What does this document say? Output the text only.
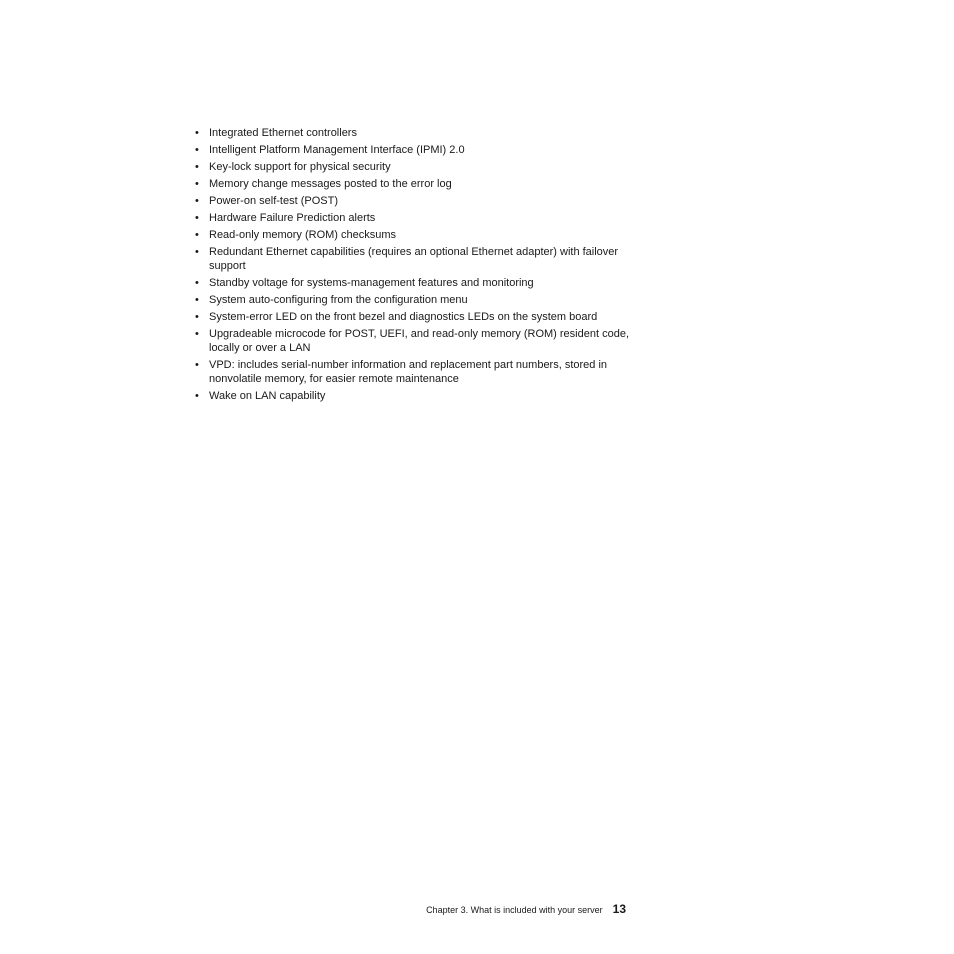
• Integrated Ethernet controllers
• Intelligent Platform Management Interface (IPMI) 2.0
• Key-lock support for physical security
• Memory change messages posted to the error log
• Power-on self-test (POST)
• Hardware Failure Prediction alerts
• Read-only memory (ROM) checksums
• Redundant Ethernet capabilities (requires an optional Ethernet adapter) with failover support
• Standby voltage for systems-management features and monitoring
• System auto-configuring from the configuration menu
• System-error LED on the front bezel and diagnostics LEDs on the system board
• Upgradeable microcode for POST, UEFI, and read-only memory (ROM) resident code, locally or over a LAN
• VPD: includes serial-number information and replacement part numbers, stored in nonvolatile memory, for easier remote maintenance
• Wake on LAN capability
Chapter 3. What is included with your server 13
